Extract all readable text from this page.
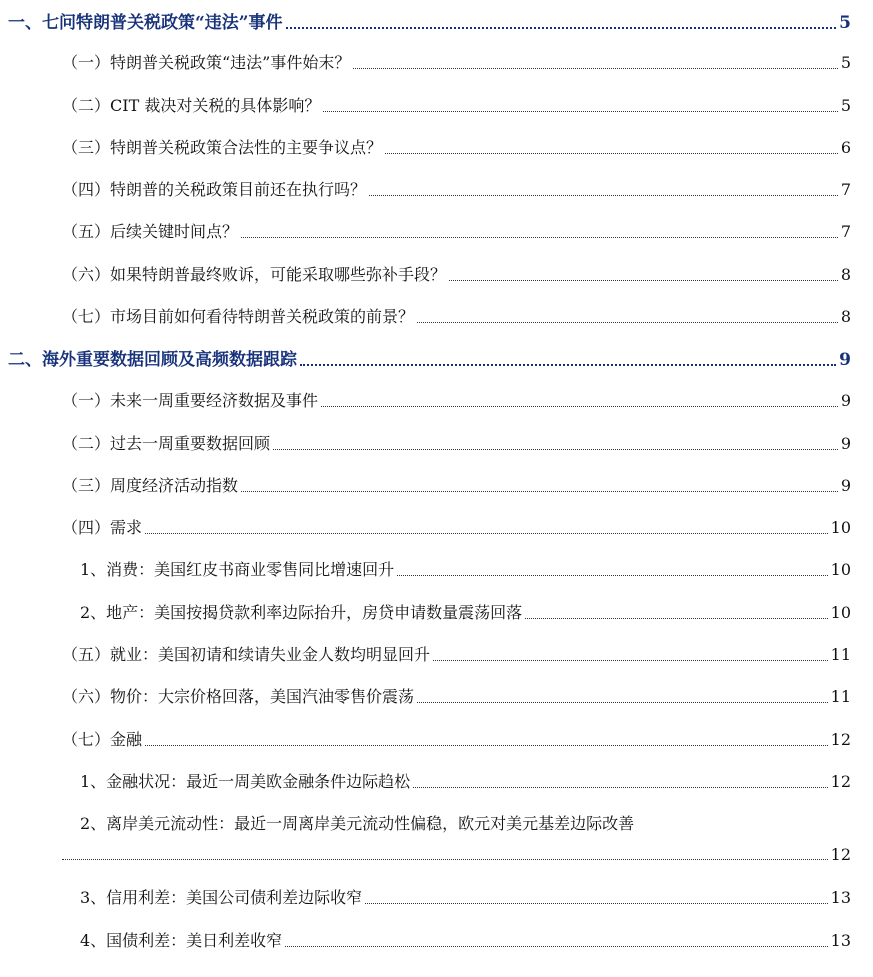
一、七问特朗普关税政策“违法”事件	5
（一）特朗普关税政策“违法”事件始末？	5
（二）CIT 裁决对关税的具体影响？	5
（三）特朗普关税政策合法性的主要争议点？	6
（四）特朗普的关税政策目前还在执行吗？	7
（五）后续关键时间点？	7
（六）如果特朗普最终败诉，可能采取哪些弥补手段？	8
（七）市场目前如何看待特朗普关税政策的前景？	8
二、海外重要数据回顾及高频数据跟踪	9
（一）未来一周重要经济数据及事件	9
（二）过去一周重要数据回顾	9
（三）周度经济活动指数	9
（四）需求	10
1、消费：美国红皮书商业零售同比增速回升	10
2、地产：美国按揭贷款利率边际抬升，房贷申请数量震荡回落	10
（五）就业：美国初请和续请失业金人数均明显回升	11
（六）物价：大宗价格回落，美国汽油零售价震荡	11
（七）金融	12
1、金融状况：最近一周美欧金融条件边际趋松	12
2、离岸美元流动性：最近一周离岸美元流动性偏稳，欧元对美元基差边际改善
12
3、信用利差：美国公司债利差边际收窄	13
4、国债利差：美日利差收窄	13
